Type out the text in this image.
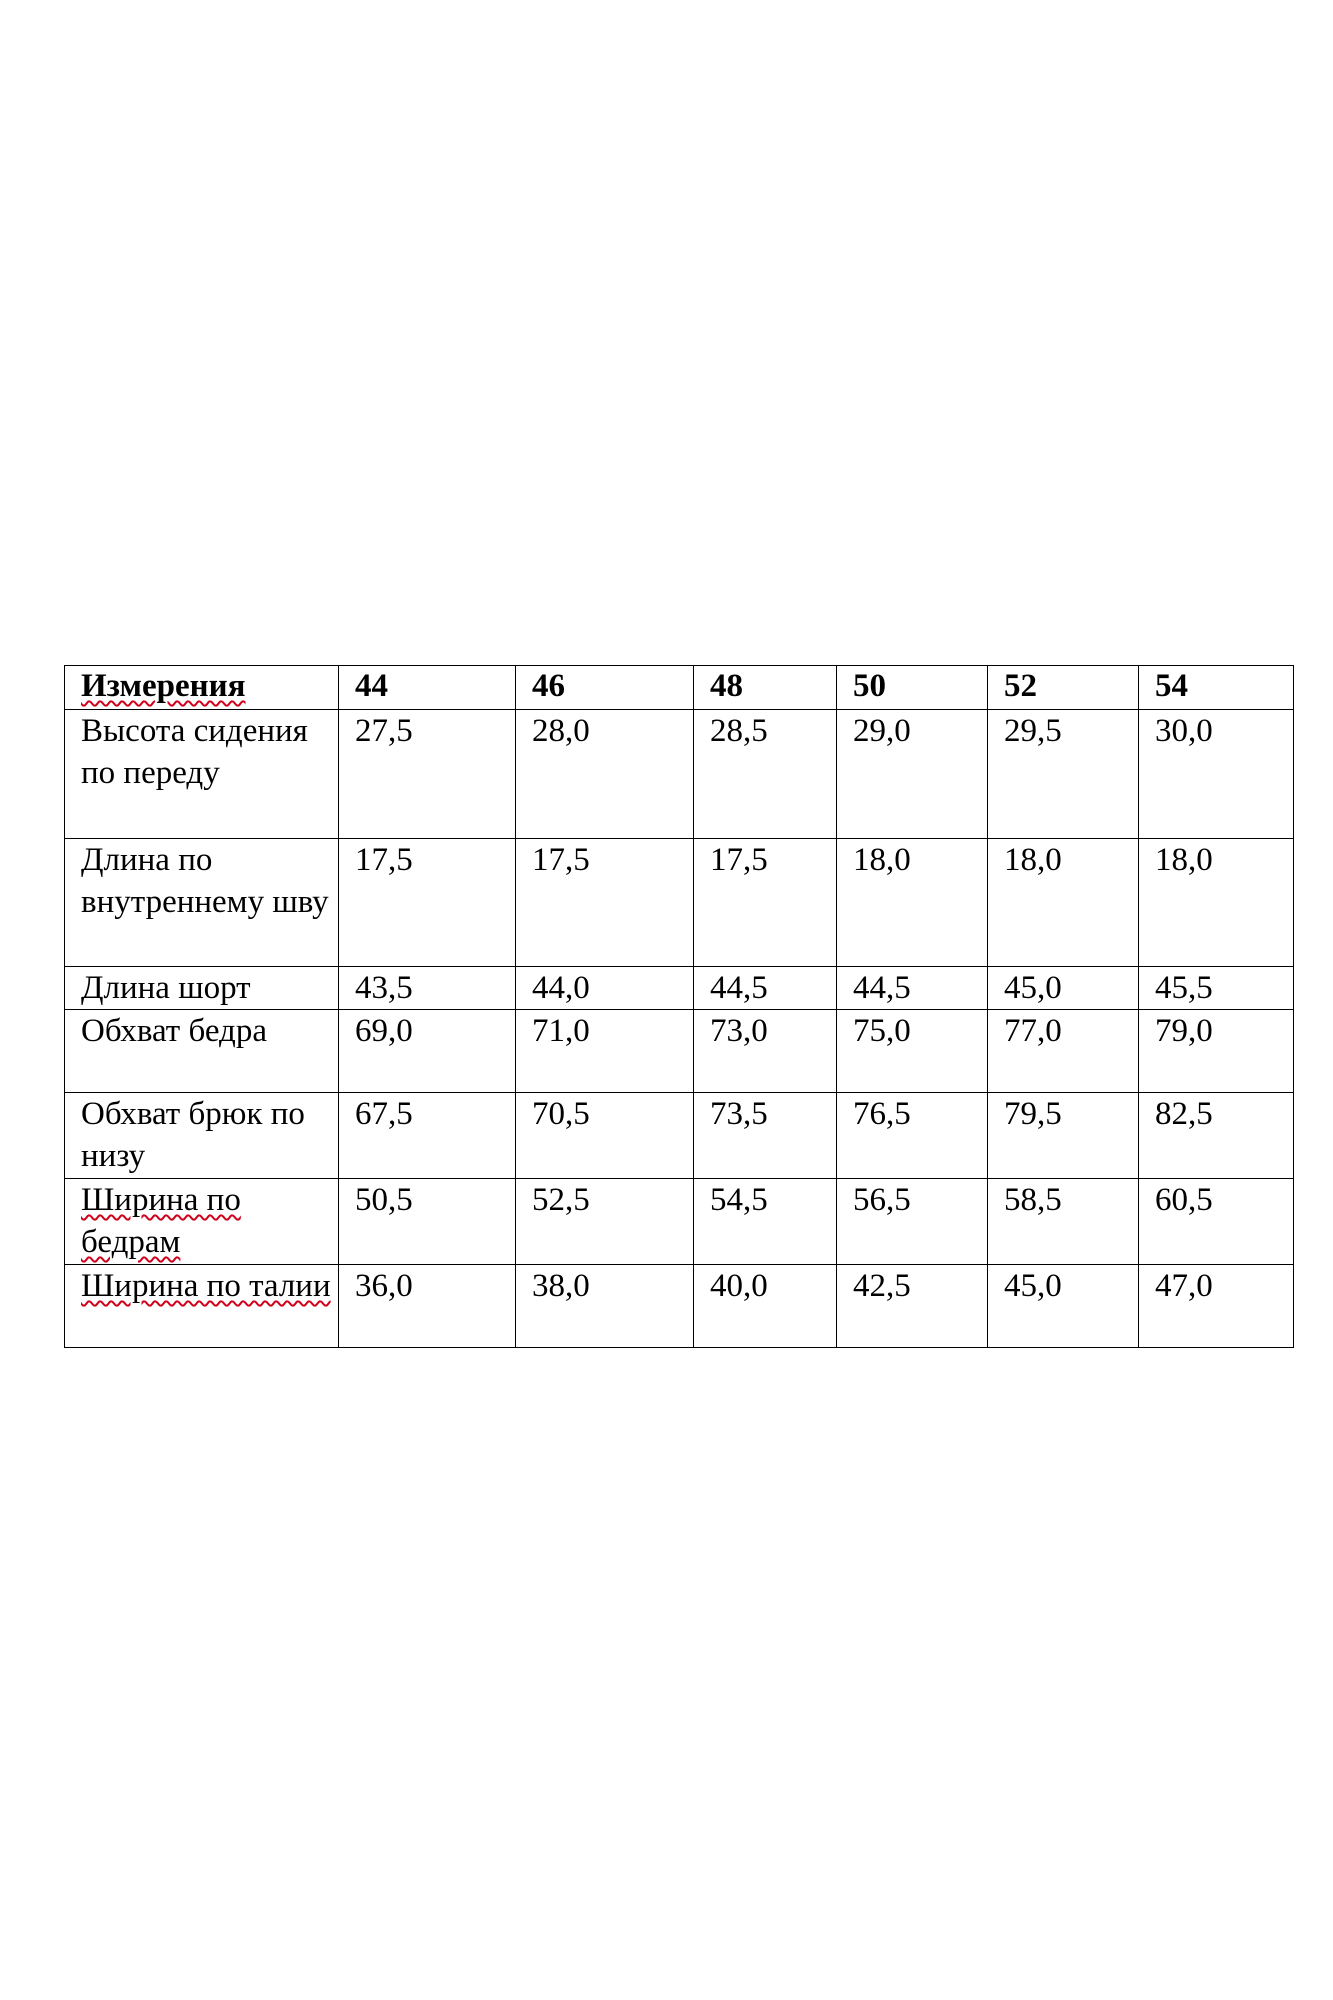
Измерения	44	46	48	50	52	54
Высота сидения по переду	27,5	28,0	28,5	29,0	29,5	30,0
Длина по внутреннему шву	17,5	17,5	17,5	18,0	18,0	18,0
Длина шорт	43,5	44,0	44,5	44,5	45,0	45,5
Обхват бедра	69,0	71,0	73,0	75,0	77,0	79,0
Обхват брюк по низу	67,5	70,5	73,5	76,5	79,5	82,5
Ширина по бедрам	50,5	52,5	54,5	56,5	58,5	60,5
Ширина по талии	36,0	38,0	40,0	42,5	45,0	47,0
